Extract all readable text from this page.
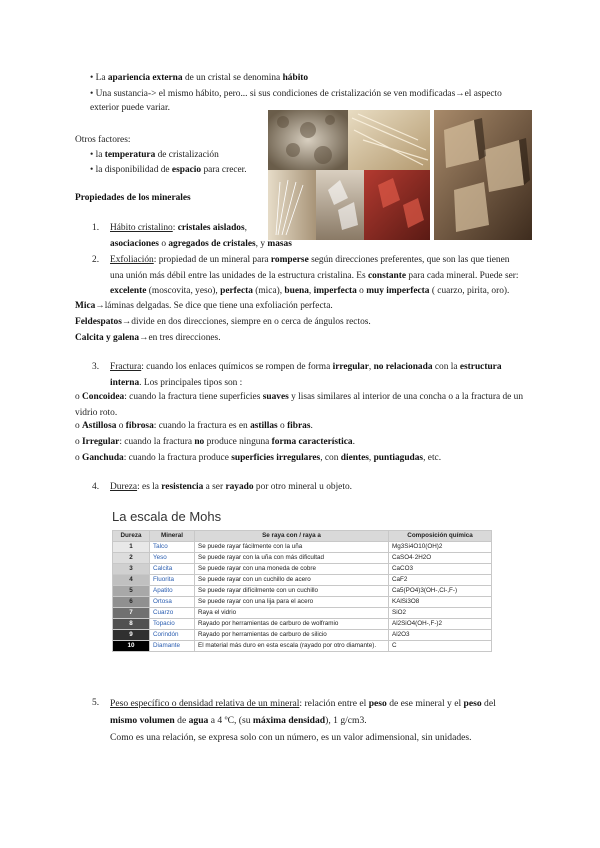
• La apariencia externa de un cristal se denomina hábito
• Una sustancia-> el mismo hábito, pero... si sus condiciones de cristalización se ven modificadas→el aspecto
exterior puede variar.
Otros factores:
• la temperatura de cristalización
• la disponibilidad de espacio para crecer.
Propiedades de los minerales
1. Hábito cristalino: cristales aislados,
asociaciones o agregados de cristales, y masas
2. Exfoliación: propiedad de un mineral para romperse según direcciones preferentes, que son las que tienen
una unión más débil entre las unidades de la estructura cristalina. Es constante para cada mineral. Puede ser:
excelente (moscovita, yeso), perfecta (mica), buena, imperfecta o muy imperfecta ( cuarzo, pirita, oro).
Mica→láminas delgadas. Se dice que tiene una exfoliación perfecta.
Feldespatos→divide en dos direcciones, siempre en o cerca de ángulos rectos.
Calcita y galena→en tres direcciones.
3. Fractura: cuando los enlaces químicos se rompen de forma irregular, no relacionada con la estructura
interna. Los principales tipos son :
o Concoidea: cuando la fractura tiene superficies suaves y lisas similares al interior de una concha o a la fractura de un
vidrio roto.
o Astillosa o fibrosa: cuando la fractura es en astillas o fibras.
o Irregular: cuando la fractura no produce ninguna forma característica.
o Ganchuda: cuando la fractura produce superficies irregulares, con dientes, puntiagudas, etc.
4. Dureza: es la resistencia a ser rayado por otro mineral u objeto.
La escala de Mohs
Dureza	Mineral	Se raya con / raya a	Composición química
1	Talco	Se puede rayar fácilmente con la uña	Mg3Si4O10(OH)2
2	Yeso	Se puede rayar con la uña con más dificultad	CaSO4·2H2O
3	Calcita	Se puede rayar con una moneda de cobre	CaCO3
4	Fluorita	Se puede rayar con un cuchillo de acero	CaF2
5	Apatito	Se puede rayar difícilmente con un cuchillo	Ca5(PO4)3(OH-,Cl-,F-)
6	Ortosa	Se puede rayar con una lija para el acero	KAlSi3O8
7	Cuarzo	Raya el vidrio	SiO2
8	Topacio	Rayado por herramientas de carburo de wolframio	Al2SiO4(OH-,F-)2
9	Corindón	Rayado por herramientas de carburo de silicio	Al2O3
10	Diamante	El material más duro en esta escala (rayado por otro diamante).	C
5. Peso específico o densidad relativa de un mineral: relación entre el peso de ese mineral y el peso del
mismo volumen de agua a 4 ºC, (su máxima densidad), 1 g/cm3.
Como es una relación, se expresa solo con un número, es un valor adimensional, sin unidades.
